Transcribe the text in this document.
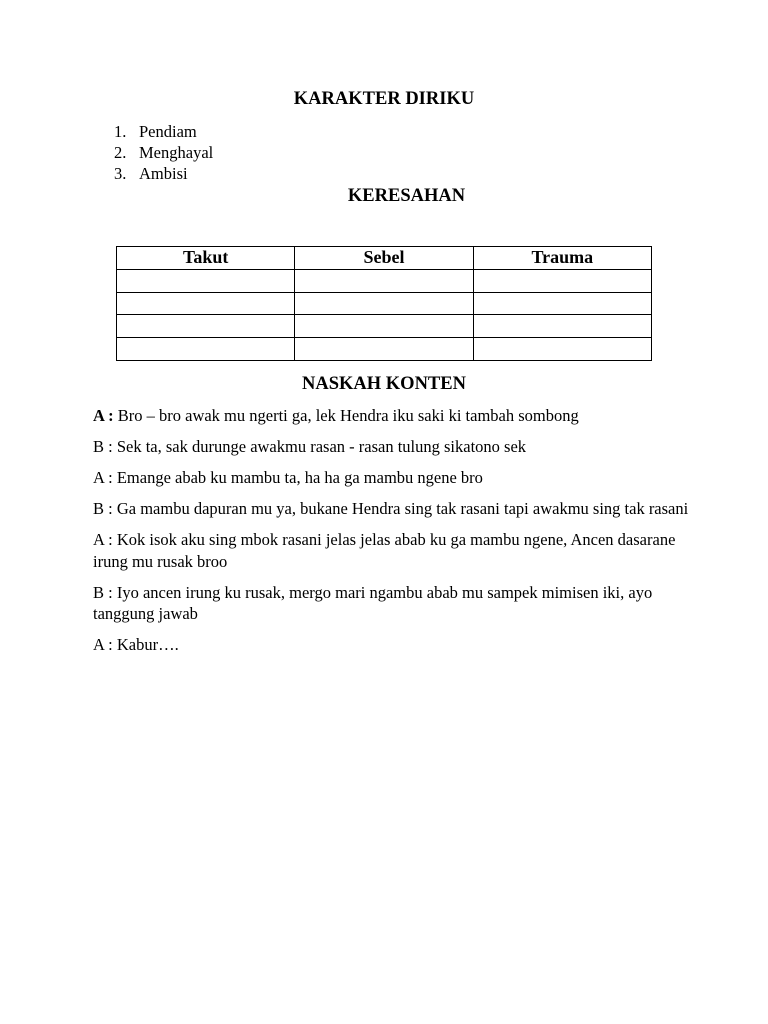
KARAKTER DIRIKU
1. Pendiam
2. Menghayal
3. Ambisi
KERESAHAN
Takut	Sebel	Trauma

NASKAH KONTEN

A : Bro – bro awak mu ngerti ga, lek Hendra iku saki ki tambah sombong

B : Sek ta, sak durunge awakmu rasan - rasan tulung sikatono sek

A : Emange abab ku mambu ta, ha ha ga mambu ngene bro

B : Ga mambu dapuran mu ya, bukane Hendra sing tak rasani tapi awakmu sing tak rasani

A : Kok isok aku sing mbok rasani jelas jelas abab ku ga mambu ngene, Ancen dasarane irung mu rusak broo

B : Iyo ancen irung ku rusak, mergo mari ngambu abab mu sampek mimisen iki, ayo tanggung jawab

A : Kabur….
